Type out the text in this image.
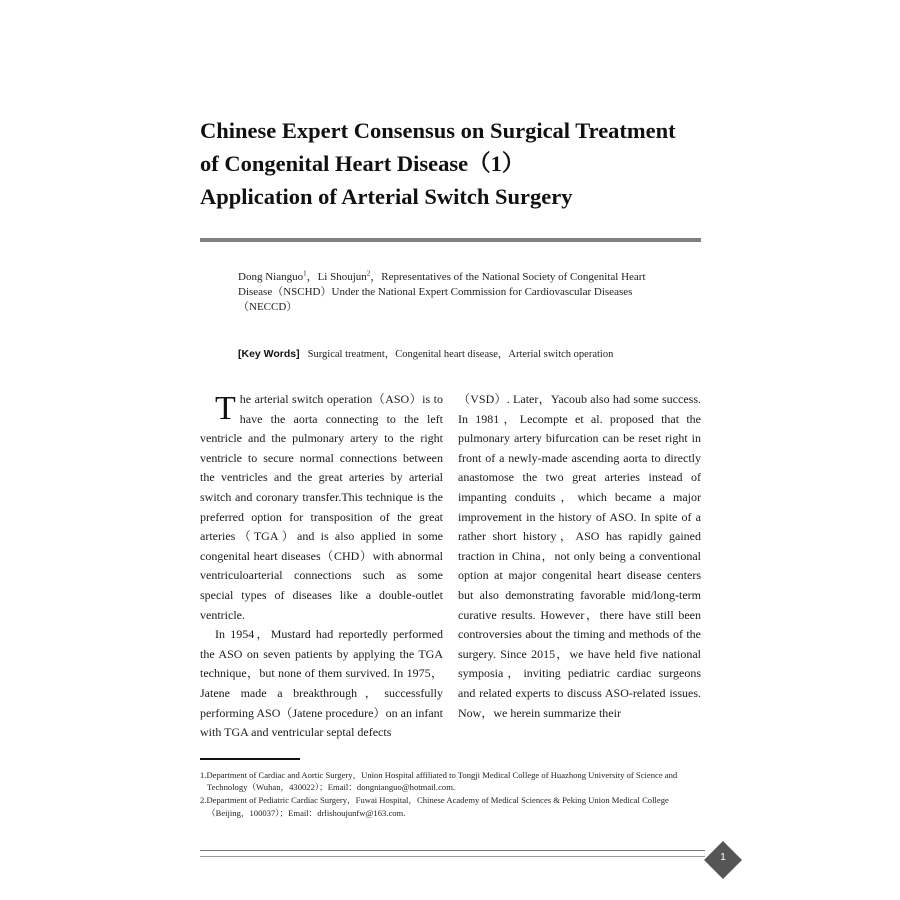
Chinese Expert Consensus on Surgical Treatment
of Congenital Heart Disease（1）
Application of Arterial Switch Surgery
Dong Nianguo$^1$，Li Shoujun$^2$，Representatives of the National Society of Congenital Heart Disease（NSCHD）Under the National Expert Commission for Cardiovascular Diseases（NECCD）
[Key Words] Surgical treatment，Congenital heart disease，Arterial switch operation

The arterial switch operation（ASO）is to have the aorta connecting to the left ventricle and the pulmonary artery to the right ventricle to secure normal connections between the ventricles and the great arteries by arterial switch and coronary transfer.This technique is the preferred option for transposition of the great arteries（TGA）and is also applied in some congenital heart diseases（CHD）with abnormal ventriculoarterial connections such as some special types of diseases like a double-outlet ventricle.

In 1954，Mustard had reportedly performed the ASO on seven patients by applying the TGA technique，but none of them survived. In 1975，Jatene made a breakthrough，successfully performing ASO（Jatene procedure）on an infant with TGA and ventricular septal defects

（VSD）. Later，Yacoub also had some success. In 1981，Lecompte et al. proposed that the pulmonary artery bifurcation can be reset right in front of a newly-made ascending aorta to directly anastomose the two great arteries instead of impanting conduits，which became a major improvement in the history of ASO. In spite of a rather short history，ASO has rapidly gained traction in China，not only being a conventional option at major congenital heart disease centers but also demonstrating favorable mid/long-term curative results. However，there have still been controversies about the timing and methods of the surgery. Since 2015，we have held five national symposia，inviting pediatric cardiac surgeons and related experts to discuss ASO-related issues. Now，we herein summarize their

1.Department of Cardiac and Aortic Surgery，Union Hospital affiliated to Tongji Medical College of Huazhong University of Science and Technology（Wuhan，430022）；Email：dongnianguo@hotmail.com.

2.Department of Pediatric Cardiac Surgery，Fuwai Hospital，Chinese Academy of Medical Sciences & Peking Union Medical College（Beijing，100037）；Email：drlishoujunfw@163.com.

1
